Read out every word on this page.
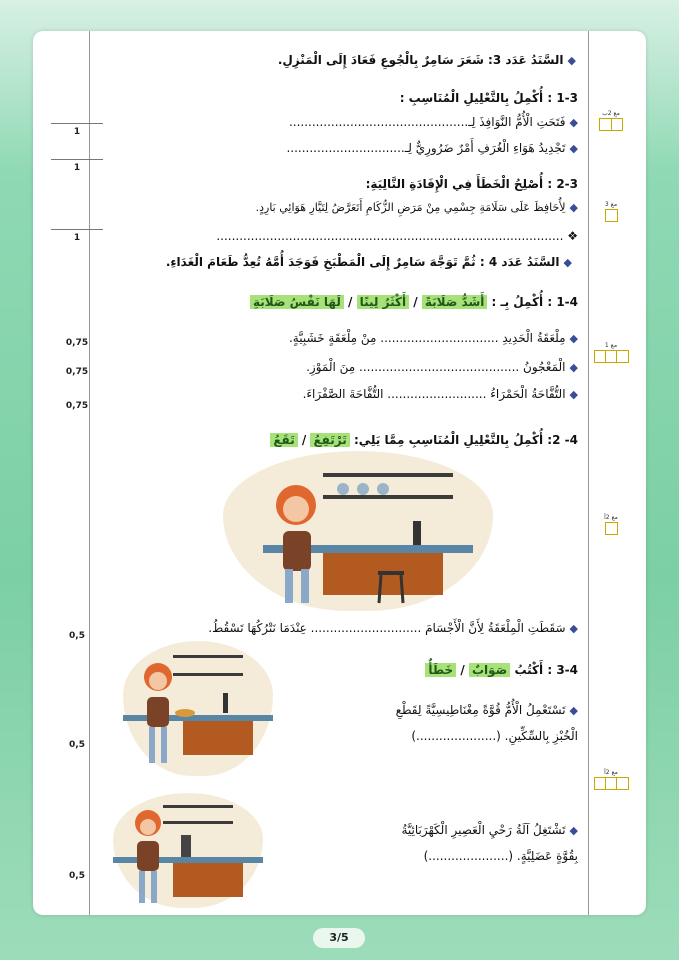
1
1
1
0,75
0,75
0,75
0,5
0,5
0,5
مع 2ب
مع 3
مع 1
مع 2أ
مع 2أ
◆السَّنَدُ عَدَد 3: شَعَرَ سَامِرٌ بِالْجُوعِ فَعَادَ إِلَى الْمَنْزِلِ.
1-3 : أُكْمِلُ بِالتَّعْلِيلِ الْمُنَاسِبِ :
◆فَتَحَتِ الْأُمُّ النَّوَافِذَ لِـ...............................................
◆تَجْدِيدُ هَوَاءِ الْغُرَفِ أَمْرٌ ضَرُورِيٌّ لِـ...............................
2-3 : أُصْلِحُ الْخَطَأَ فِي الْإِفَادَةِ التَّالِيَةِ:
◆لِأُحَافِظَ عَلَى سَلَامَةِ جِسْمِي مِنْ مَرَضِ الزُّكَامِ أَتَعَرَّضُ لِتَيَّارِ هَوَائِي بَارِدٍ.
❖ ...........................................................................................
◆السَّنَدُ عَدَد 4 : ثُمَّ تَوَجَّهَ سَامِرٌ إِلَى الْمَطْبَخِ فَوَجَدَ أُمَّهُ تُعِدُّ طَعَامَ الْغَدَاءِ.
1-4 : أُكْمِلُ بِـ : أَشَدُّ صَلَابَةً / أَكْثَرُ لِينًا / لَهَا نَفْسُ صَلَابَةِ
◆مِلْعَقَةُ الْحَدِيدِ ............................... مِنْ مِلْعَقَةٍ خَشَبِيَّةٍ.
◆الْمَعْجُونُ .......................................... مِنَ الْمَوْزِ.
◆التُّفَّاحَةُ الْحَمْرَاءُ .......................... التُّفَّاحَةَ الصَّفْرَاءَ.
4- 2: أُكْمِلُ بِالتَّعْلِيلِ الْمُنَاسِبِ مِمَّا يَلِي: تَرْتَفِعُ / تَقَعُ
◆سَقَطَتِ الْمِلْعَقَةُ لِأَنَّ الْأَجْسَامَ ............................. عِنْدَمَا نَتْرُكُهَا تَسْقُطُ.
3-4 : أَكْتُبُ صَوَابٌ / خَطَأٌ
◆تَسْتَعْمِلُ الْأُمُّ قُوَّةً مِغْنَاطِيسِيَّةً لِقَطْعِ
الْخُبْزِ بِالسِّكِّينِ. (.....................)
◆تَشْتَغِلُ آلَةُ رَحْيِ الْعَصِيرِ الْكَهْرَبَائِيَّةُ
بِقُوَّةٍ عَضَلِيَّةٍ. (.....................)
3/5
